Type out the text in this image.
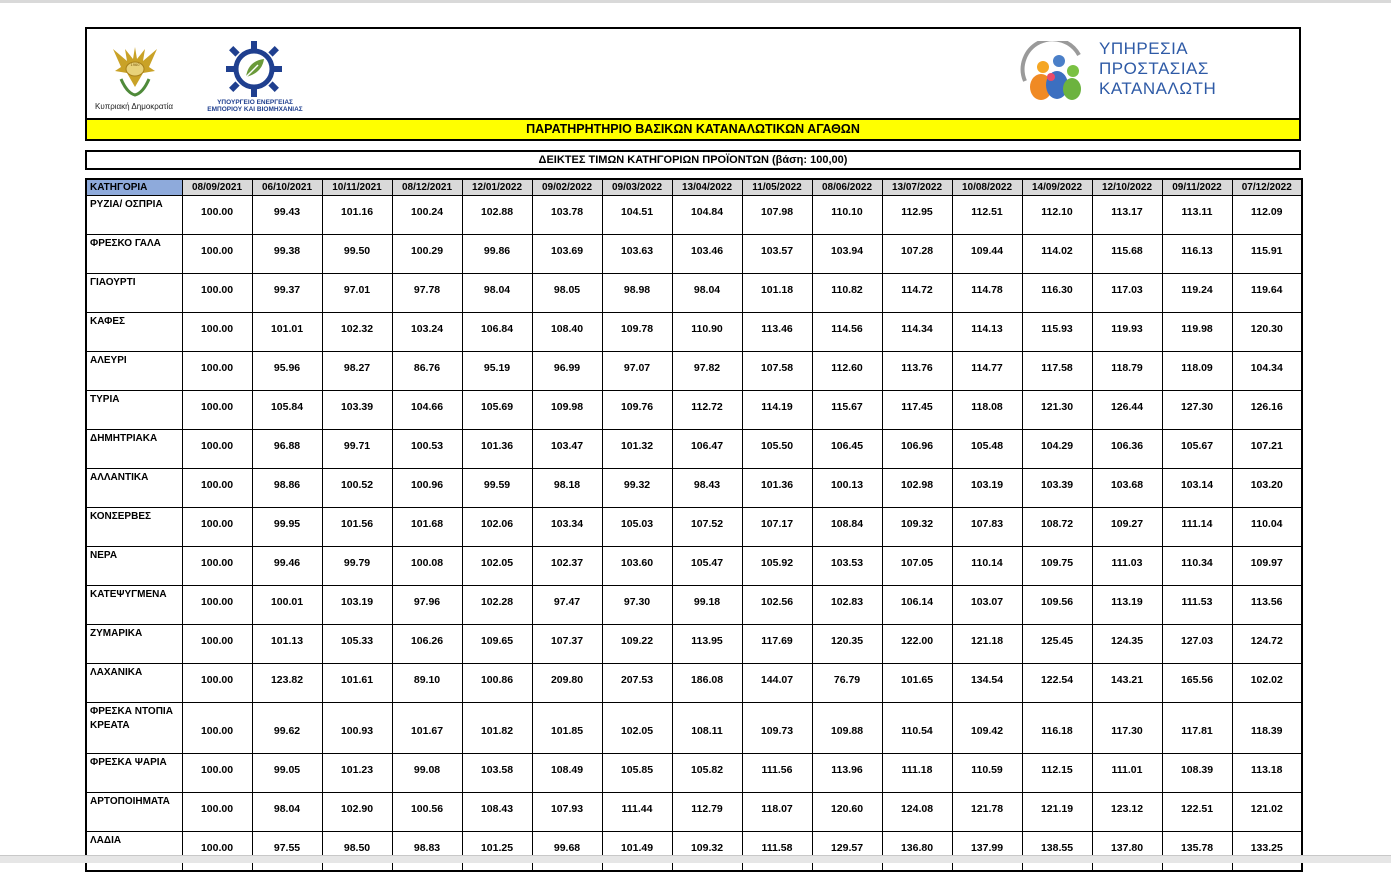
1960
Κυπριακή Δημοκρατία	ΥΠΟΥΡΓΕΙΟ ΕΝΕΡΓΕΙΑΣ
ΕΜΠΟΡΙΟΥ ΚΑΙ ΒΙΟΜΗΧΑΝΙΑΣ
ΥΠΗΡΕΣΙΑ
ΠΡΟΣΤΑΣΙΑΣ
ΚΑΤΑΝΑΛΩΤΗ
ΠΑΡΑΤΗΡΗΤΗΡΙΟ ΒΑΣΙΚΩΝ ΚΑΤΑΝΑΛΩΤΙΚΩΝ ΑΓΑΘΩΝ
ΔΕΙΚΤΕΣ ΤΙΜΩΝ ΚΑΤΗΓΟΡΙΩΝ ΠΡΟΪΟΝΤΩΝ (βάση: 100,00)
ΚΑΤΗΓΟΡΙΑ	08/09/2021	06/10/2021	10/11/2021	08/12/2021	12/01/2022	09/02/2022	09/03/2022	13/04/2022	11/05/2022	08/06/2022	13/07/2022	10/08/2022	14/09/2022	12/10/2022	09/11/2022	07/12/2022
ΡΥΖΙΑ/ ΟΣΠΡΙΑ	100.00	99.43	101.16	100.24	102.88	103.78	104.51	104.84	107.98	110.10	112.95	112.51	112.10	113.17	113.11	112.09

ΦΡΕΣΚΟ ΓΑΛΑ	100.00	99.38	99.50	100.29	99.86	103.69	103.63	103.46	103.57	103.94	107.28	109.44	114.02	115.68	116.13	115.91

ΓΙΑΟΥΡΤΙ	100.00	99.37	97.01	97.78	98.04	98.05	98.98	98.04	101.18	110.82	114.72	114.78	116.30	117.03	119.24	119.64

ΚΑΦΕΣ	100.00	101.01	102.32	103.24	106.84	108.40	109.78	110.90	113.46	114.56	114.34	114.13	115.93	119.93	119.98	120.30

ΑΛΕΥΡΙ	100.00	95.96	98.27	86.76	95.19	96.99	97.07	97.82	107.58	112.60	113.76	114.77	117.58	118.79	118.09	104.34

ΤΥΡΙΑ	100.00	105.84	103.39	104.66	105.69	109.98	109.76	112.72	114.19	115.67	117.45	118.08	121.30	126.44	127.30	126.16

ΔΗΜΗΤΡΙΑΚΑ	100.00	96.88	99.71	100.53	101.36	103.47	101.32	106.47	105.50	106.45	106.96	105.48	104.29	106.36	105.67	107.21

ΑΛΛΑΝΤΙΚΑ	100.00	98.86	100.52	100.96	99.59	98.18	99.32	98.43	101.36	100.13	102.98	103.19	103.39	103.68	103.14	103.20

ΚΟΝΣΕΡΒΕΣ	100.00	99.95	101.56	101.68	102.06	103.34	105.03	107.52	107.17	108.84	109.32	107.83	108.72	109.27	111.14	110.04

ΝΕΡΑ	100.00	99.46	99.79	100.08	102.05	102.37	103.60	105.47	105.92	103.53	107.05	110.14	109.75	111.03	110.34	109.97

ΚΑΤΕΨΥΓΜΕΝΑ	100.00	100.01	103.19	97.96	102.28	97.47	97.30	99.18	102.56	102.83	106.14	103.07	109.56	113.19	111.53	113.56

ΖΥΜΑΡΙΚΑ	100.00	101.13	105.33	106.26	109.65	107.37	109.22	113.95	117.69	120.35	122.00	121.18	125.45	124.35	127.03	124.72

ΛΑΧΑΝΙΚΑ	100.00	123.82	101.61	89.10	100.86	209.80	207.53	186.08	144.07	76.79	101.65	134.54	122.54	143.21	165.56	102.02

ΦΡΕΣΚΑ ΝΤΟΠΙΑ ΚΡΕΑΤΑ	100.00	99.62	100.93	101.67	101.82	101.85	102.05	108.11	109.73	109.88	110.54	109.42	116.18	117.30	117.81	118.39

ΦΡΕΣΚΑ ΨΑΡΙΑ	100.00	99.05	101.23	99.08	103.58	108.49	105.85	105.82	111.56	113.96	111.18	110.59	112.15	111.01	108.39	113.18

ΑΡΤΟΠΟΙΗΜΑΤΑ	100.00	98.04	102.90	100.56	108.43	107.93	111.44	112.79	118.07	120.60	124.08	121.78	121.19	123.12	122.51	121.02

ΛΑΔΙΑ	100.00	97.55	98.50	98.83	101.25	99.68	101.49	109.32	111.58	129.57	136.80	137.99	138.55	137.80	135.78	133.25
